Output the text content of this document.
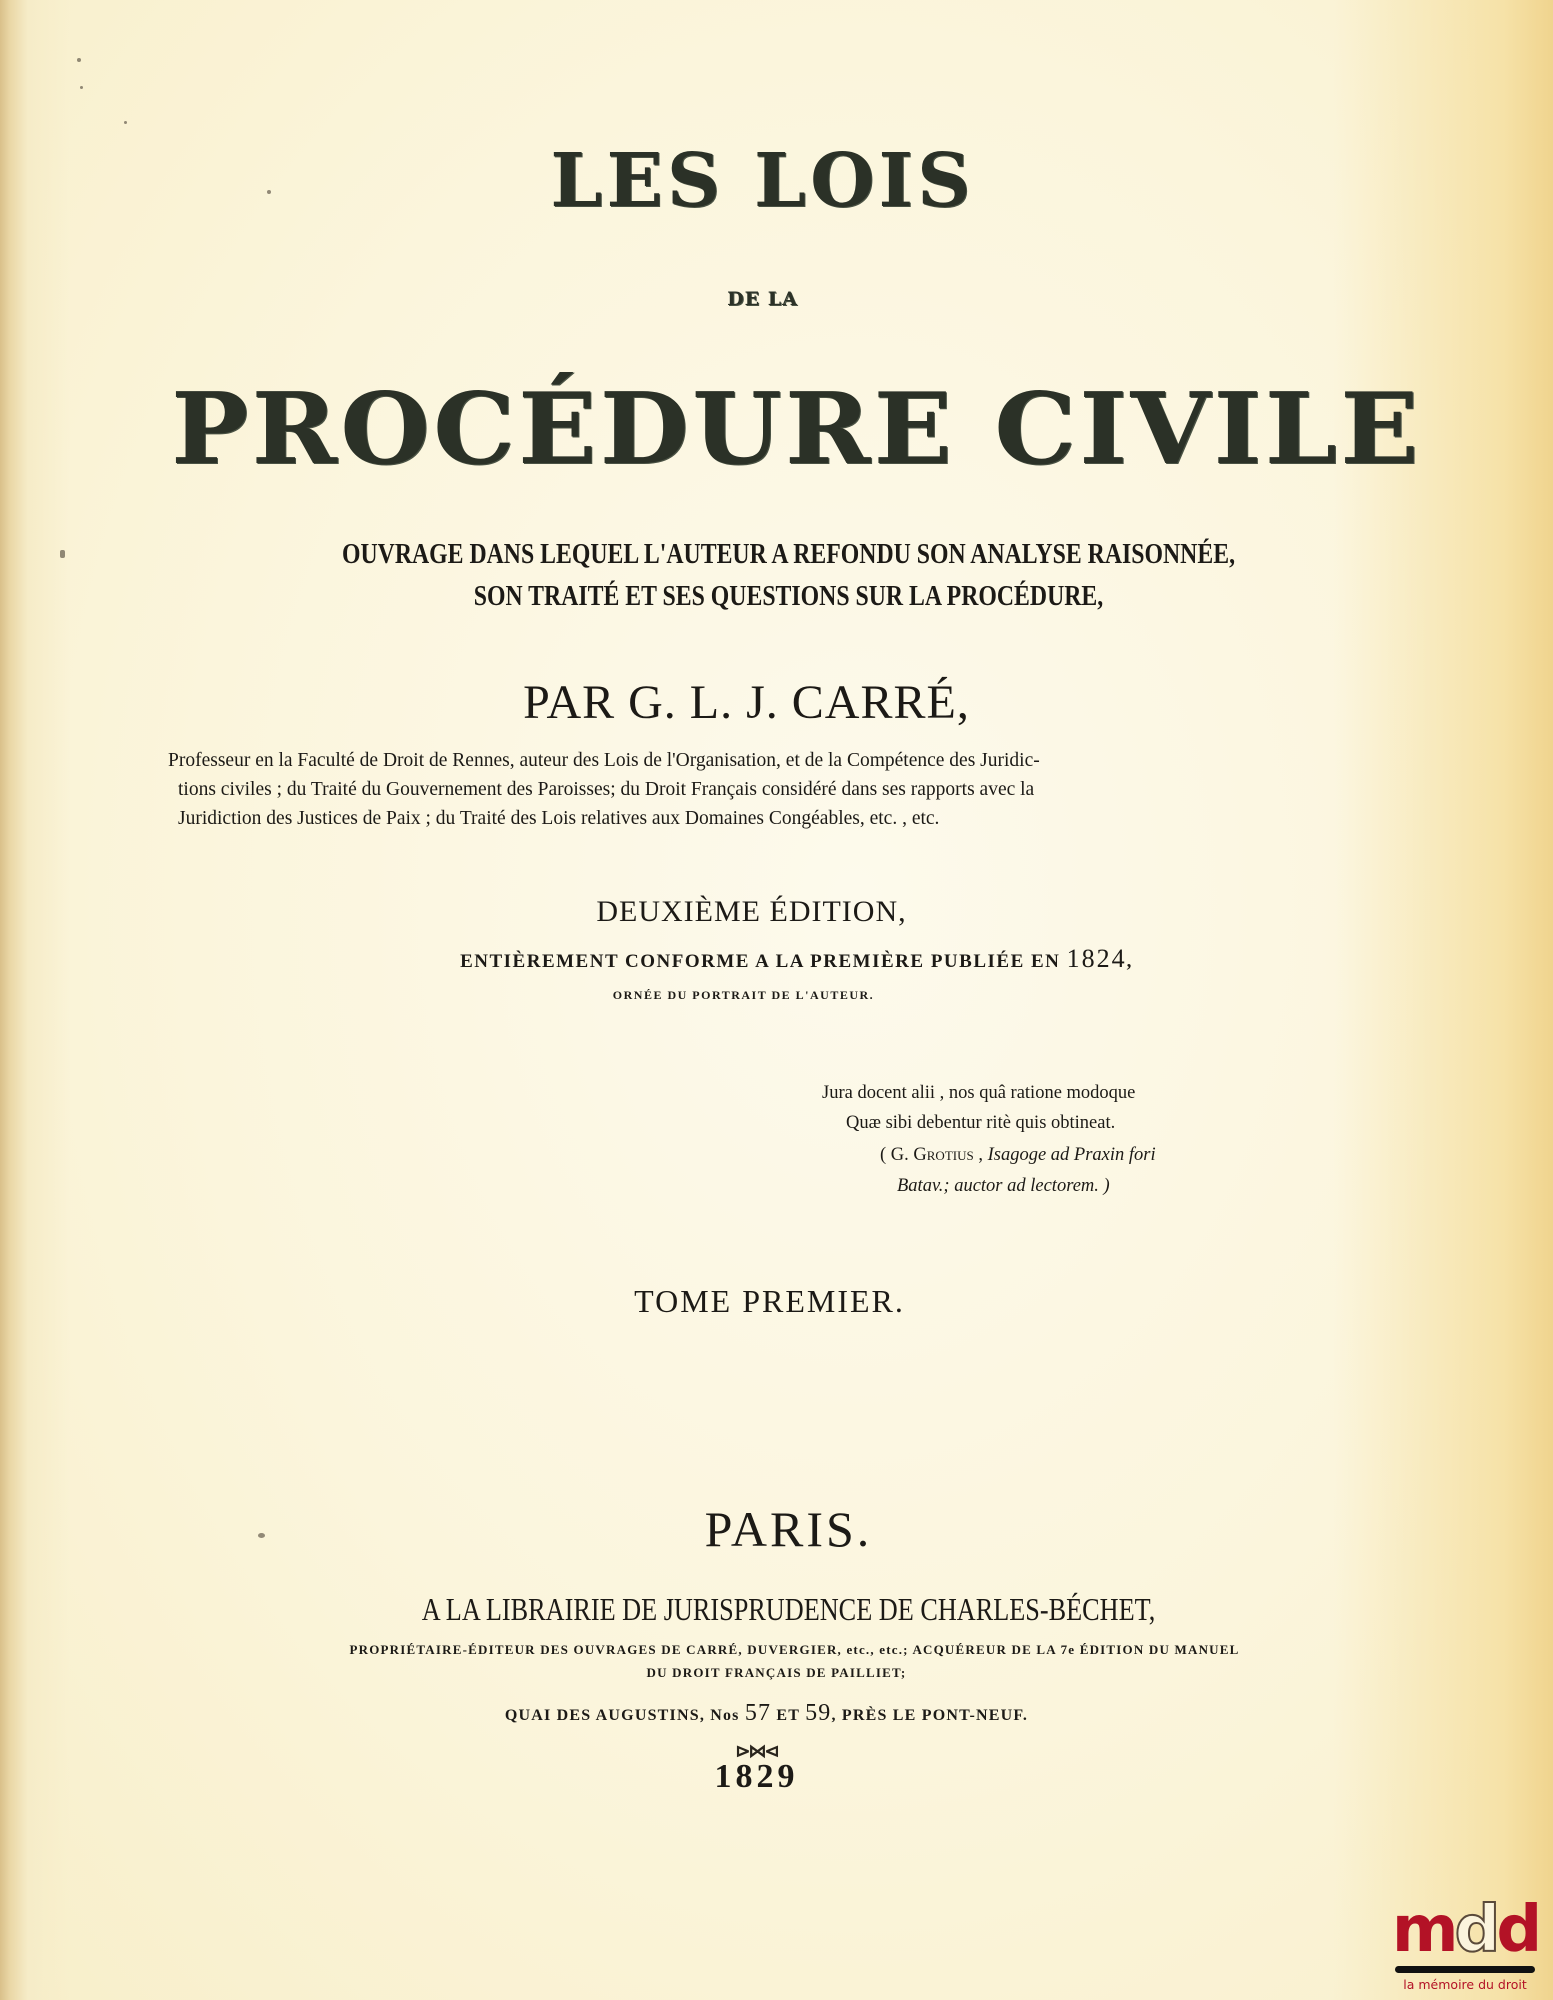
LES LOIS
DE LA
PROCÉDURE CIVILE
OUVRAGE DANS LEQUEL L'AUTEUR A REFONDU SON ANALYSE RAISONNÉE,
SON TRAITÉ ET SES QUESTIONS SUR LA PROCÉDURE,
PAR G. L. J. CARRÉ,
Professeur en la Faculté de Droit de Rennes, auteur des Lois de l'Organisation, et de la Compétence des Juridic-
tions civiles ; du Traité du Gouvernement des Paroisses; du Droit Français considéré dans ses rapports avec la
Juridiction des Justices de Paix ; du Traité des Lois relatives aux Domaines Congéables, etc. , etc.
DEUXIÈME ÉDITION,
ENTIÈREMENT CONFORME A LA PREMIÈRE PUBLIÉE EN 1824,
ORNÉE DU PORTRAIT DE L'AUTEUR.
Jura docent alii , nos quâ ratione modoque
Quæ sibi debentur ritè quis obtineat.
( G. Grotius , Isagoge ad Praxin fori
Batav.; auctor ad lectorem. )
TOME PREMIER.
PARIS.
A LA LIBRAIRIE DE JURISPRUDENCE DE CHARLES-BÉCHET,
PROPRIÉTAIRE-ÉDITEUR DES OUVRAGES DE CARRÉ, DUVERGIER, etc., etc.; ACQUÉREUR DE LA 7e ÉDITION DU MANUEL
DU DROIT FRANÇAIS DE PAILLIET;
QUAI DES AUGUSTINS, Nos 57 ET 59, PRÈS LE PONT-NEUF.
⊳⋈⊲
1829
mdd
la mémoire du droit
